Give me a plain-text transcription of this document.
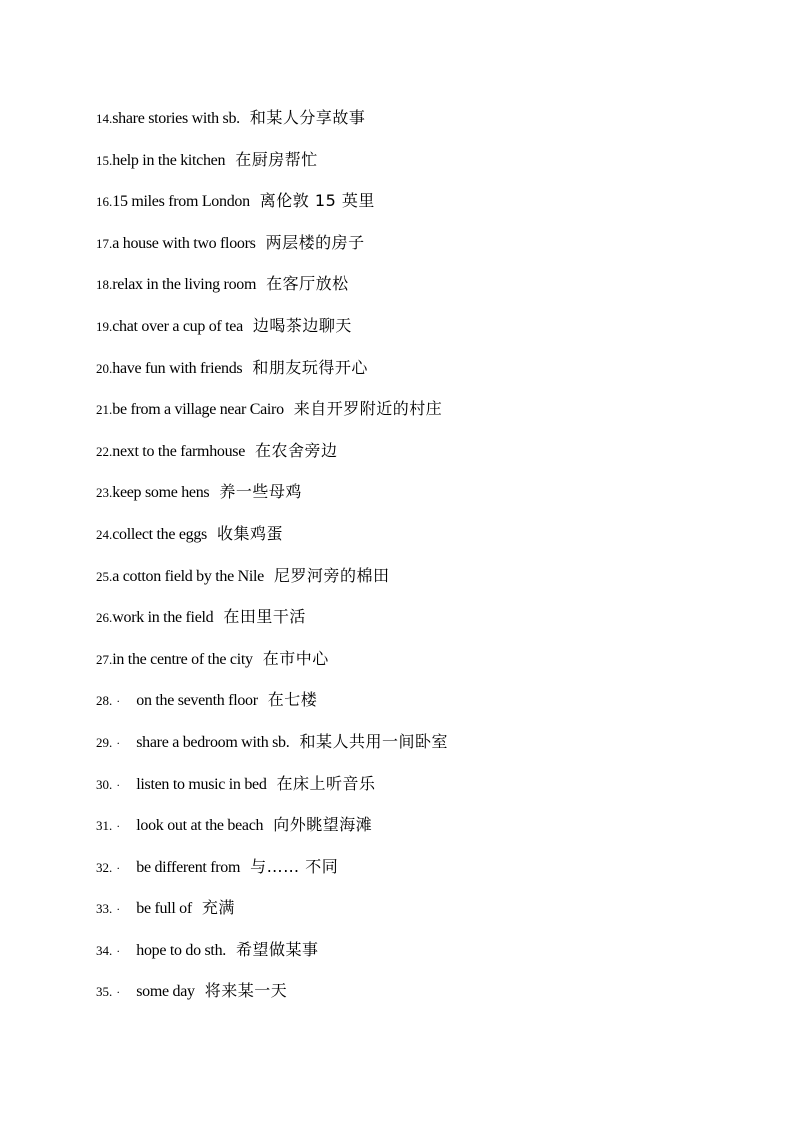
14.share stories with sb. 和某人分享故事
15.help in the kitchen 在厨房帮忙
16.15 miles from London 离伦敦 15 英里
17.a house with two floors 两层楼的房子
18.relax in the living room 在客厅放松
19.chat over a cup of tea 边喝茶边聊天
20.have fun with friends 和朋友玩得开心
21.be from a village near Cairo 来自开罗附近的村庄
22.next to the farmhouse 在农舍旁边
23.keep some hens 养一些母鸡
24.collect the eggs 收集鸡蛋
25.a cotton field by the Nile 尼罗河旁的棉田
26.work in the field 在田里干活
27.in the centre of the city 在市中心
28. · on the seventh floor 在七楼
29. · share a bedroom with sb. 和某人共用一间卧室
30. · listen to music in bed 在床上听音乐
31. · look out at the beach 向外眺望海滩
32. · be different from 与…… 不同
33. · be full of 充满
34. · hope to do sth. 希望做某事
35. · some day 将来某一天
